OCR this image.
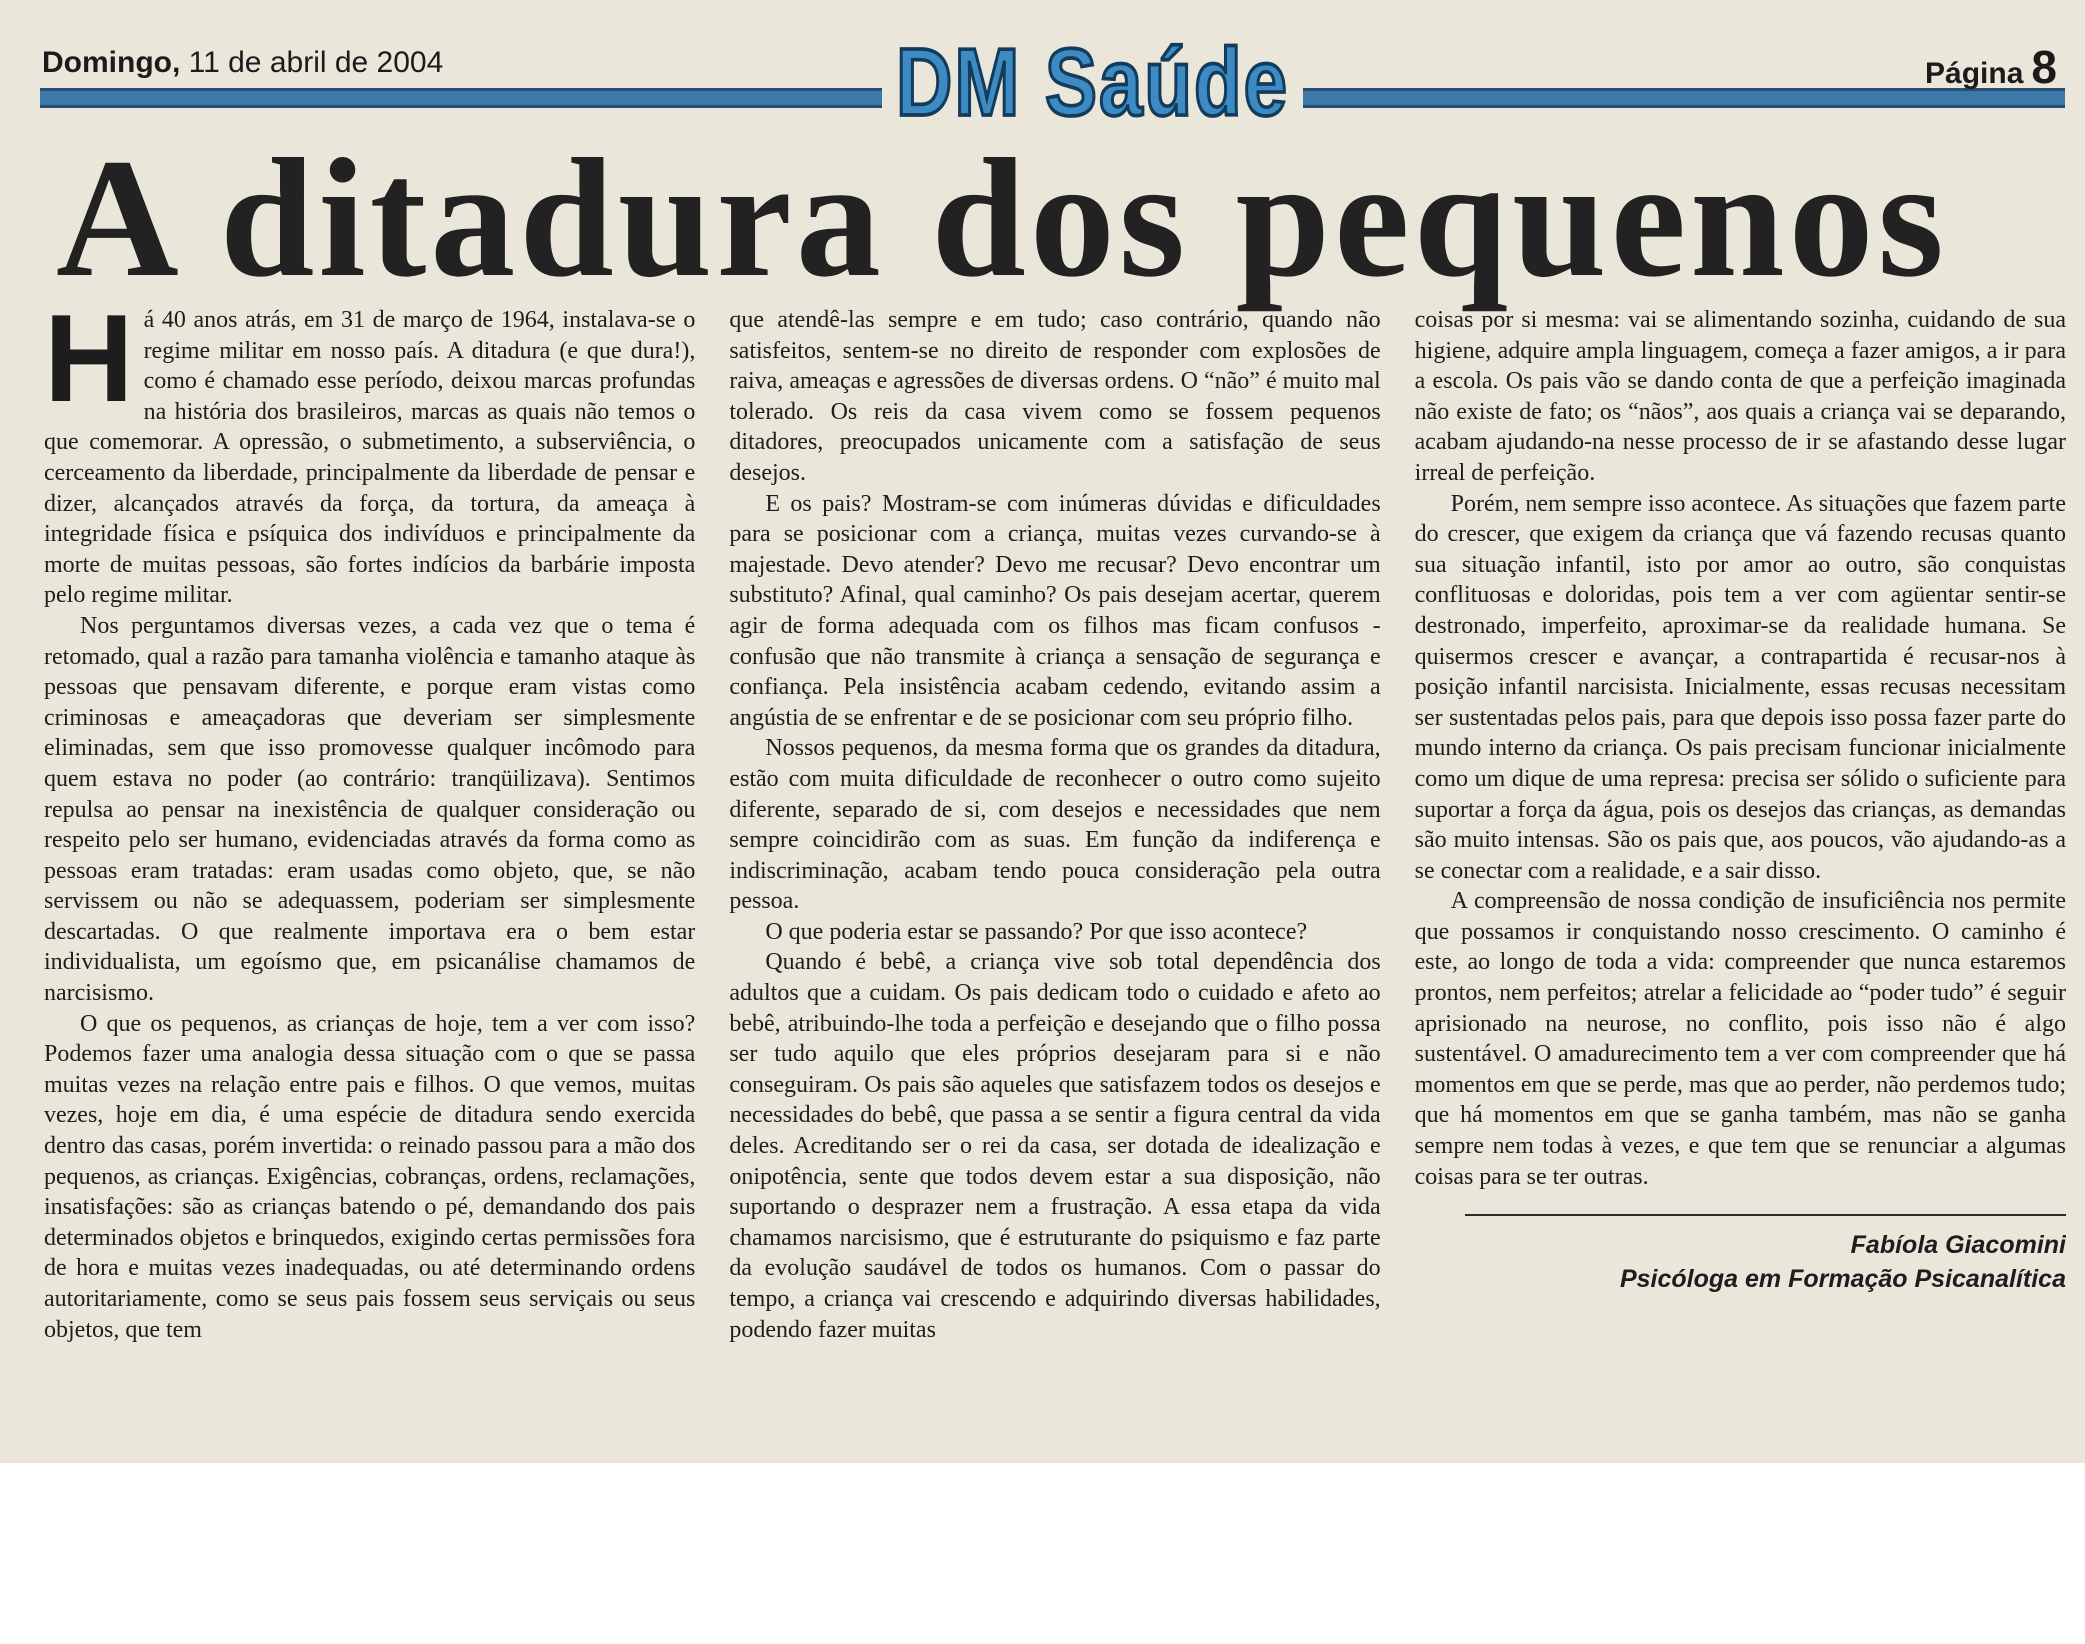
Domingo, 11 de abril de 2004	DM Saúde	Página 8
A ditadura dos pequenos

Há 40 anos atrás, em 31 de março de 1964, instalava-se o regime militar em nosso país. A ditadura (e que dura!), como é chamado esse período, deixou marcas profundas na história dos brasileiros, marcas as quais não temos o que comemorar. A opressão, o submetimento, a subserviência, o cerceamento da liberdade, principalmente da liberdade de pensar e dizer, alcançados através da força, da tortura, da ameaça à integridade física e psíquica dos indivíduos e principalmente da morte de muitas pessoas, são fortes indícios da barbárie imposta pelo regime militar.

Nos perguntamos diversas vezes, a cada vez que o tema é retomado, qual a razão para tamanha violência e tamanho ataque às pessoas que pensavam diferente, e porque eram vistas como criminosas e ameaçadoras que deveriam ser simplesmente eliminadas, sem que isso promovesse qualquer incômodo para quem estava no poder (ao contrário: tranqüilizava). Sentimos repulsa ao pensar na inexistência de qualquer consideração ou respeito pelo ser humano, evidenciadas através da forma como as pessoas eram tratadas: eram usadas como objeto, que, se não servissem ou não se adequassem, poderiam ser simplesmente descartadas. O que realmente importava era o bem estar individualista, um egoísmo que, em psicanálise chamamos de narcisismo.

O que os pequenos, as crianças de hoje, tem a ver com isso? Podemos fazer uma analogia dessa situação com o que se passa muitas vezes na relação entre pais e filhos. O que vemos, muitas vezes, hoje em dia, é uma espécie de ditadura sendo exercida dentro das casas, porém invertida: o reinado passou para a mão dos pequenos, as crianças. Exigências, cobranças, ordens, reclamações, insatisfações: são as crianças batendo o pé, demandando dos pais determinados objetos e brinquedos, exigindo certas permissões fora de hora e muitas vezes inadequadas, ou até determinando ordens autoritariamente, como se seus pais fossem seus serviçais ou seus objetos, que tem

que atendê-las sempre e em tudo; caso contrário, quando não satisfeitos, sentem-se no direito de responder com explosões de raiva, ameaças e agressões de diversas ordens. O “não” é muito mal tolerado. Os reis da casa vivem como se fossem pequenos ditadores, preocupados unicamente com a satisfação de seus desejos.

E os pais? Mostram-se com inúmeras dúvidas e dificuldades para se posicionar com a criança, muitas vezes curvando-se à majestade. Devo atender? Devo me recusar? Devo encontrar um substituto? Afinal, qual caminho? Os pais desejam acertar, querem agir de forma adequada com os filhos mas ficam confusos - confusão que não transmite à criança a sensação de segurança e confiança. Pela insistência acabam cedendo, evitando assim a angústia de se enfrentar e de se posicionar com seu próprio filho.

Nossos pequenos, da mesma forma que os grandes da ditadura, estão com muita dificuldade de reconhecer o outro como sujeito diferente, separado de si, com desejos e necessidades que nem sempre coincidirão com as suas. Em função da indiferença e indiscriminação, acabam tendo pouca consideração pela outra pessoa.

O que poderia estar se passando? Por que isso acontece?

Quando é bebê, a criança vive sob total dependência dos adultos que a cuidam. Os pais dedicam todo o cuidado e afeto ao bebê, atribuindo-lhe toda a perfeição e desejando que o filho possa ser tudo aquilo que eles próprios desejaram para si e não conseguiram. Os pais são aqueles que satisfazem todos os desejos e necessidades do bebê, que passa a se sentir a figura central da vida deles. Acreditando ser o rei da casa, ser dotada de idealização e onipotência, sente que todos devem estar a sua disposição, não suportando o desprazer nem a frustração. A essa etapa da vida chamamos narcisismo, que é estruturante do psiquismo e faz parte da evolução saudável de todos os humanos. Com o passar do tempo, a criança vai crescendo e adquirindo diversas habilidades, podendo fazer muitas

coisas por si mesma: vai se alimentando sozinha, cuidando de sua higiene, adquire ampla linguagem, começa a fazer amigos, a ir para a escola. Os pais vão se dando conta de que a perfeição imaginada não existe de fato; os “nãos”, aos quais a criança vai se deparando, acabam ajudando-na nesse processo de ir se afastando desse lugar irreal de perfeição.

Porém, nem sempre isso acontece. As situações que fazem parte do crescer, que exigem da criança que vá fazendo recusas quanto sua situação infantil, isto por amor ao outro, são conquistas conflituosas e doloridas, pois tem a ver com agüentar sentir-se destronado, imperfeito, aproximar-se da realidade humana. Se quisermos crescer e avançar, a contrapartida é recusar-nos à posição infantil narcisista. Inicialmente, essas recusas necessitam ser sustentadas pelos pais, para que depois isso possa fazer parte do mundo interno da criança. Os pais precisam funcionar inicialmente como um dique de uma represa: precisa ser sólido o suficiente para suportar a força da água, pois os desejos das crianças, as demandas são muito intensas. São os pais que, aos poucos, vão ajudando-as a se conectar com a realidade, e a sair disso.

A compreensão de nossa condição de insuficiência nos permite que possamos ir conquistando nosso crescimento. O caminho é este, ao longo de toda a vida: compreender que nunca estaremos prontos, nem perfeitos; atrelar a felicidade ao “poder tudo” é seguir aprisionado na neurose, no conflito, pois isso não é algo sustentável. O amadurecimento tem a ver com compreender que há momentos em que se perde, mas que ao perder, não perdemos tudo; que há momentos em que se ganha também, mas não se ganha sempre nem todas à vezes, e que tem que se renunciar a algumas coisas para se ter outras.

Fabíola Giacomini
Psicóloga em Formação Psicanalítica
